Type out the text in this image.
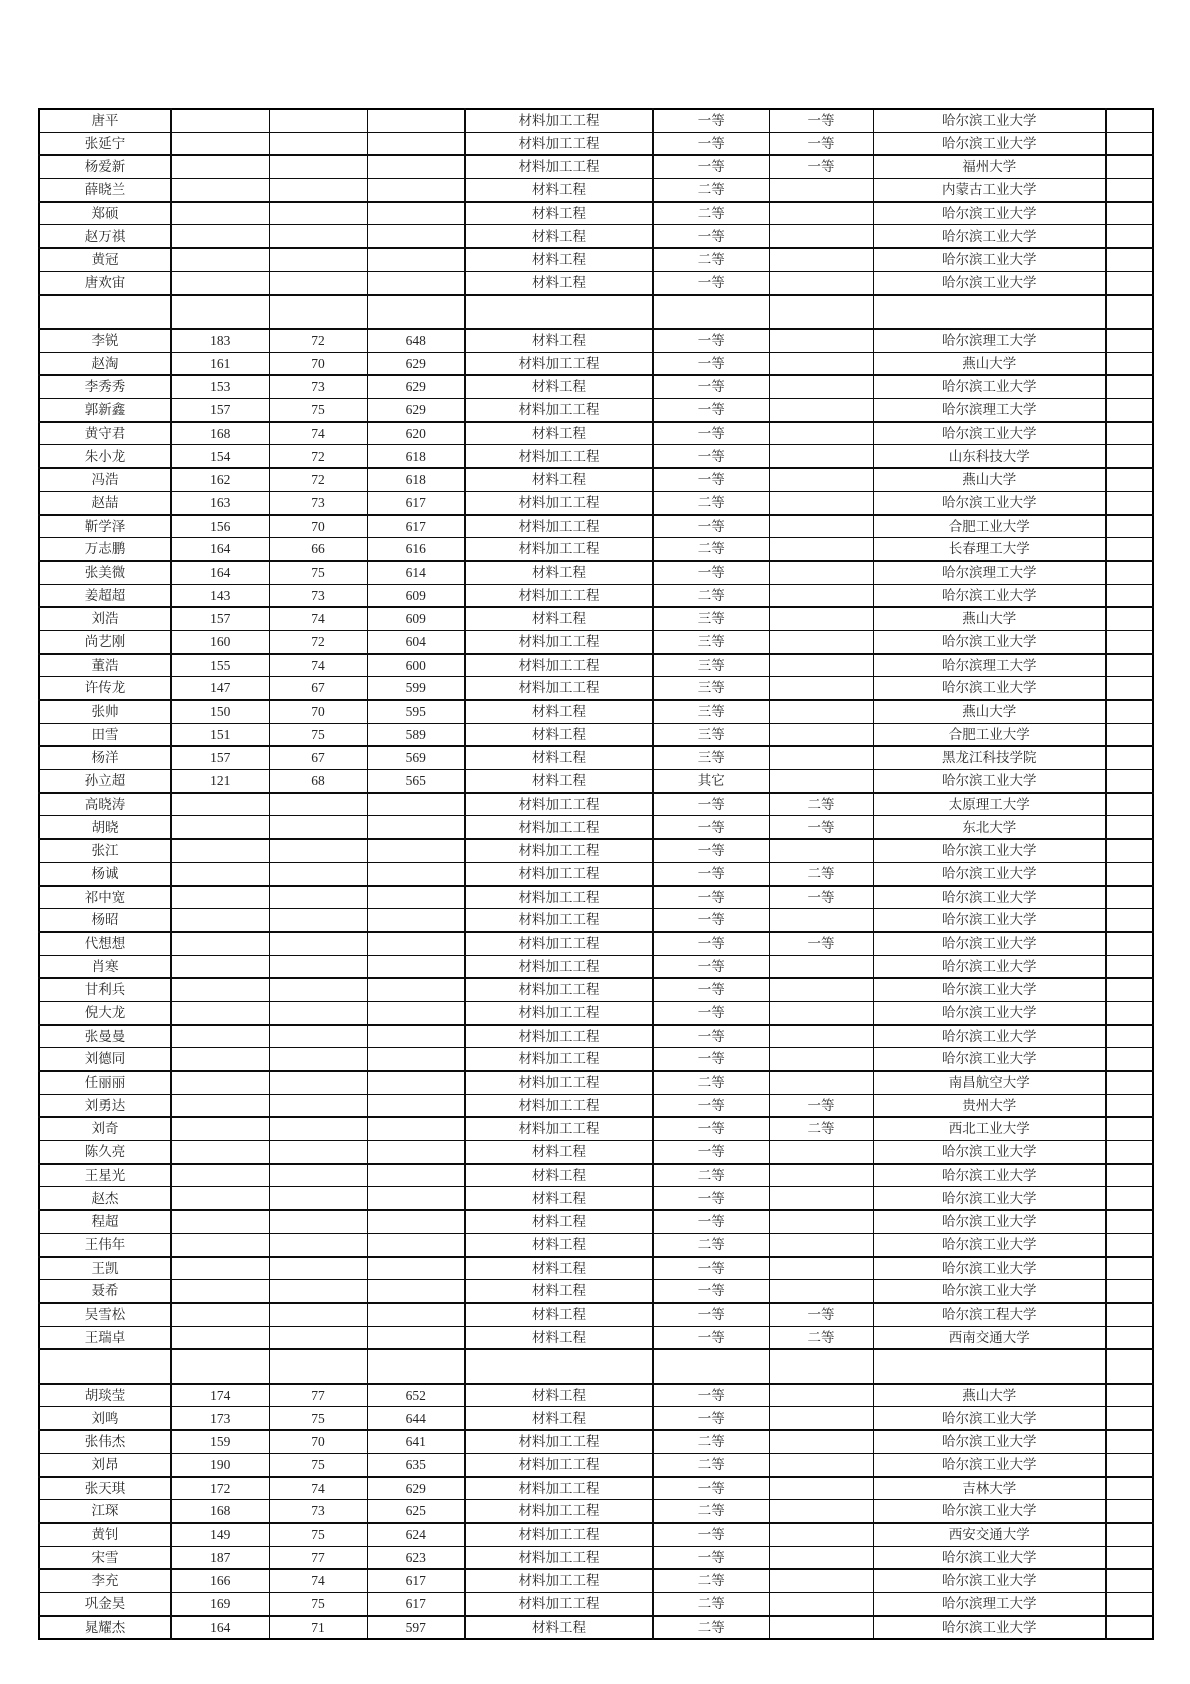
唐平				材料加工工程	一等	一等	哈尔滨工业大学	
张延宁				材料加工工程	一等	一等	哈尔滨工业大学	
杨爱新				材料加工工程	一等	一等	福州大学	
薛晓兰				材料工程	二等		内蒙古工业大学	
郑硕				材料工程	二等		哈尔滨工业大学	
赵万祺				材料工程	一等		哈尔滨工业大学	
黄冠				材料工程	二等		哈尔滨工业大学	
唐欢宙				材料工程	一等		哈尔滨工业大学	

李锐	183	72	648	材料工程	一等		哈尔滨理工大学	
赵淘	161	70	629	材料加工工程	一等		燕山大学	
李秀秀	153	73	629	材料工程	一等		哈尔滨工业大学	
郭新鑫	157	75	629	材料加工工程	一等		哈尔滨理工大学	
黄守君	168	74	620	材料工程	一等		哈尔滨工业大学	
朱小龙	154	72	618	材料加工工程	一等		山东科技大学	
冯浩	162	72	618	材料工程	一等		燕山大学	
赵喆	163	73	617	材料加工工程	二等		哈尔滨工业大学	
靳学泽	156	70	617	材料加工工程	一等		合肥工业大学	
万志鹏	164	66	616	材料加工工程	二等		长春理工大学	
张美微	164	75	614	材料工程	一等		哈尔滨理工大学	
姜超超	143	73	609	材料加工工程	二等		哈尔滨工业大学	
刘浩	157	74	609	材料工程	三等		燕山大学	
尚艺刚	160	72	604	材料加工工程	三等		哈尔滨工业大学	
董浩	155	74	600	材料加工工程	三等		哈尔滨理工大学	
许传龙	147	67	599	材料加工工程	三等		哈尔滨工业大学	
张帅	150	70	595	材料工程	三等		燕山大学	
田雪	151	75	589	材料工程	三等		合肥工业大学	
杨洋	157	67	569	材料工程	三等		黑龙江科技学院	
孙立超	121	68	565	材料工程	其它		哈尔滨工业大学	
高晓涛				材料加工工程	一等	二等	太原理工大学	
胡晓				材料加工工程	一等	一等	东北大学	
张江				材料加工工程	一等		哈尔滨工业大学	
杨诚				材料加工工程	一等	二等	哈尔滨工业大学	
祁中宽				材料加工工程	一等	一等	哈尔滨工业大学	
杨昭				材料加工工程	一等		哈尔滨工业大学	
代想想				材料加工工程	一等	一等	哈尔滨工业大学	
肖寒				材料加工工程	一等		哈尔滨工业大学	
甘利兵				材料加工工程	一等		哈尔滨工业大学	
倪大龙				材料加工工程	一等		哈尔滨工业大学	
张曼曼				材料加工工程	一等		哈尔滨工业大学	
刘德同				材料加工工程	一等		哈尔滨工业大学	
任丽丽				材料加工工程	二等		南昌航空大学	
刘勇达				材料加工工程	一等	一等	贵州大学	
刘奇				材料加工工程	一等	二等	西北工业大学	
陈久亮				材料工程	一等		哈尔滨工业大学	
王星光				材料工程	二等		哈尔滨工业大学	
赵杰				材料工程	一等		哈尔滨工业大学	
程超				材料工程	一等		哈尔滨工业大学	
王伟年				材料工程	二等		哈尔滨工业大学	
王凯				材料工程	一等		哈尔滨工业大学	
聂希				材料工程	一等		哈尔滨工业大学	
吴雪松				材料工程	一等	一等	哈尔滨工程大学	
王瑞卓				材料工程	一等	二等	西南交通大学	

胡琰莹	174	77	652	材料工程	一等		燕山大学	
刘鸣	173	75	644	材料工程	一等		哈尔滨工业大学	
张伟杰	159	70	641	材料加工工程	二等		哈尔滨工业大学	
刘昂	190	75	635	材料加工工程	二等		哈尔滨工业大学	
张天琪	172	74	629	材料加工工程	一等		吉林大学	
江琛	168	73	625	材料加工工程	二等		哈尔滨工业大学	
黄钊	149	75	624	材料加工工程	一等		西安交通大学	
宋雪	187	77	623	材料加工工程	一等		哈尔滨工业大学	
李充	166	74	617	材料加工工程	二等		哈尔滨工业大学	
巩金昊	169	75	617	材料加工工程	二等		哈尔滨理工大学	
晁耀杰	164	71	597	材料工程	二等		哈尔滨工业大学	
